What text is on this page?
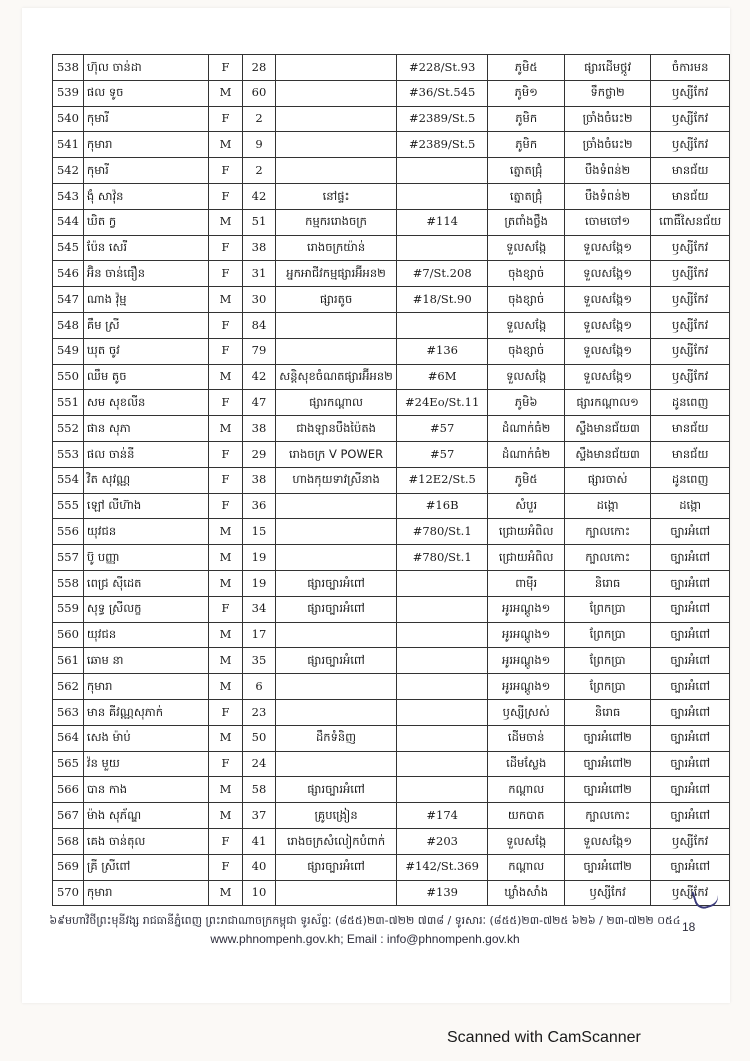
538	ហ៊ុល ចាន់ដា	F	28		#228/St.93	ភូមិ៥	ផ្សារដើមថ្កូវ	ចំការមន
539	ផល ទូច	M	60		#36/St.545	ភូមិ១	ទឹកថ្លា២	ឫស្សីកែវ
540	កុមារី	F	2		#2389/St.5	ភូមិក	ច្រាំងចំរេះ២	ឫស្សីកែវ
541	កុមារា	M	9		#2389/St.5	ភូមិក	ច្រាំងចំរេះ២	ឫស្សីកែវ
542	កុមារី	F	2			ត្នោតជ្រុំ	បឹងទំពន់២	មានជ័យ
543	ងុំ សាវ៉ុន	F	42	នៅផ្ទះ		ត្នោតជ្រុំ	បឹងទំពន់២	មានជ័យ
544	ឃិត ក្វ	M	51	កម្មកររោងចក្រ	#114	ត្រពាំងថ្លឹង	ចោមចៅ១	ពោធិ៍សែនជ័យ
545	ប៉ែន សេរី	F	38	រោងចក្រយ៉ាន់		ទួលសង្កែ	ទួលសង្កែ១	ឫស្សីកែវ
546	អ៊ិន ចាន់ធឿន	F	31	អ្នកអាជីវកម្មផ្សារអ៊ីអន២	#7/St.208	ចុងខ្សាច់	ទួលសង្កែ១	ឫស្សីកែវ
547	ណាង វ៉ុម្ម	M	30	ផ្សារតូច	#18/St.90	ចុងខ្សាច់	ទួលសង្កែ១	ឫស្សីកែវ
548	គឹម ស្រី	F	84			ទួលសង្កែ	ទួលសង្កែ១	ឫស្សីកែវ
549	ឃុត ចូវ	F	79		#136	ចុងខ្សាច់	ទួលសង្កែ១	ឫស្សីកែវ
550	ឈឹម តូច	M	42	សន្តិសុខចំណតផ្សារអ៊ីអន២	#6M	ទួលសង្កែ	ទួលសង្កែ១	ឫស្សីកែវ
551	សម សុខលីន	F	47	ផ្សារកណ្ដាល	#24Eo/St.11	ភូមិ៦	ផ្សារកណ្ដាល១	ដូនពេញ
552	ផាន សុភា	M	38	ជាងឡានបឹងប៉ៃតង	#57	ដំណាក់ធំ២	ស្ទឹងមានជ័យ៣	មានជ័យ
553	ផល ចាន់នី	F	29	រោងចក្រ V POWER	#57	ដំណាក់ធំ២	ស្ទឹងមានជ័យ៣	មានជ័យ
554	វិត សុវណ្ណ	F	38	ហាងកុយទាវស្រីនាង	#12E2/St.5	ភូមិ៥	ផ្សារចាស់	ដូនពេញ
555	ឡៅ លីហ៊ាង	F	36		#16B	សំបួរ	ដង្កោ	ដង្កោ
556	យុវជន	M	15		#780/St.1	ជ្រោយអំពិល	ក្បាលកោះ	ច្បារអំពៅ
557	ប៊ូ បញ្ញា	M	19		#780/St.1	ជ្រោយអំពិល	ក្បាលកោះ	ច្បារអំពៅ
558	ពេជ្រ ស៊ីដេត	M	19	ផ្សារច្បារអំពៅ		ពាម៉ីរ	និរោធ	ច្បារអំពៅ
559	សុទ្ធ ស្រីលក្ខ	F	34	ផ្សារច្បារអំពៅ		អូរអណ្ដូង១	ព្រែកប្រា	ច្បារអំពៅ
560	យុវជន	M	17			អូរអណ្ដូង១	ព្រែកប្រា	ច្បារអំពៅ
561	ឆោម នា	M	35	ផ្សារច្បារអំពៅ		អូរអណ្ដូង១	ព្រែកប្រា	ច្បារអំពៅ
562	កុមារា	M	6			អូរអណ្ដូង១	ព្រែកប្រា	ច្បារអំពៅ
563	មាន គីវណ្ណសុភាក់	F	23			ឫស្សីស្រស់	និរោធ	ច្បារអំពៅ
564	សេង ម៉ាប់	M	50	ដឹកទំនិញ		ដើមចាន់	ច្បារអំពៅ២	ច្បារអំពៅ
565	វ៉ន មួយ	F	24			ដើមស្លែង	ច្បារអំពៅ២	ច្បារអំពៅ
566	បាន កាង	M	58	ផ្សារច្បារអំពៅ		កណ្ដាល	ច្បារអំពៅ២	ច្បារអំពៅ
567	ម៉ាង សុភ័ណ្ឌ	M	37	គ្រូបង្រៀន	#174	យកបាត	ក្បាលកោះ	ច្បារអំពៅ
568	គេង ចាន់តុល	F	41	រោងចក្រសំលៀកបំពាក់	#203	ទួលសង្កែ	ទួលសង្កែ១	ឫស្សីកែវ
569	គ្រី ស្រីពៅ	F	40	ផ្សារច្បារអំពៅ	#142/St.369	កណ្ដាល	ច្បារអំពៅ២	ច្បារអំពៅ
570	កុមារា	M	10		#139	ឃ្លាំងសាំង	ឫស្សីកែវ	ឫស្សីកែវ
៦៩មហាវិថីព្រះមុនីវង្ស រាជធានីភ្នំពេញ ព្រះរាជាណាចក្រកម្ពុជា ទូរស័ព្ទៈ (៨៥៥)២៣-៧២២ ៧៣៨ / ទូរសារៈ (៨៥៥)២៣-៧២៥ ៦២៦ / ២៣-៧២២ ០៥៤
www.phnompenh.gov.kh; Email : info@phnompenh.gov.kh
18
Scanned with CamScanner
